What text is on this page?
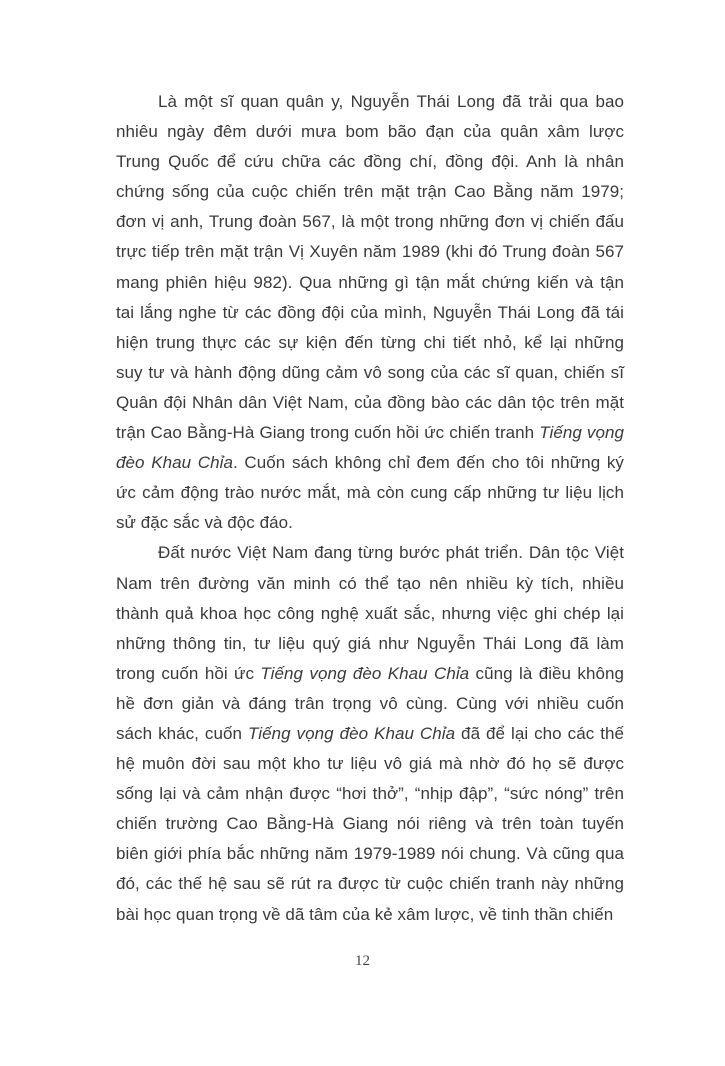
Là một sĩ quan quân y, Nguyễn Thái Long đã trải qua bao
nhiêu ngày đêm dưới mưa bom bão đạn của quân xâm lược
Trung Quốc để cứu chữa các đồng chí, đồng đội. Anh là nhân
chứng sống của cuộc chiến trên mặt trận Cao Bằng năm 1979;
đơn vị anh, Trung đoàn 567, là một trong những đơn vị chiến đấu
trực tiếp trên mặt trận Vị Xuyên năm 1989 (khi đó Trung đoàn 567
mang phiên hiệu 982). Qua những gì tận mắt chứng kiến và tận
tai lắng nghe từ các đồng đội của mình, Nguyễn Thái Long đã tái
hiện trung thực các sự kiện đến từng chi tiết nhỏ, kể lại những
suy tư và hành động dũng cảm vô song của các sĩ quan, chiến sĩ
Quân đội Nhân dân Việt Nam, của đồng bào các dân tộc trên mặt
trận Cao Bằng-Hà Giang trong cuốn hồi ức chiến tranh Tiếng vọng
đèo Khau Chỉa. Cuốn sách không chỉ đem đến cho tôi những ký
ức cảm động trào nước mắt, mà còn cung cấp những tư liệu lịch
sử đặc sắc và độc đáo.

Đất nước Việt Nam đang từng bước phát triển. Dân tộc Việt
Nam trên đường văn minh có thể tạo nên nhiều kỳ tích, nhiều
thành quả khoa học công nghệ xuất sắc, nhưng việc ghi chép lại
những thông tin, tư liệu quý giá như Nguyễn Thái Long đã làm
trong cuốn hồi ức Tiếng vọng đèo Khau Chỉa cũng là điều không
hề đơn giản và đáng trân trọng vô cùng. Cùng với nhiều cuốn
sách khác, cuốn Tiếng vọng đèo Khau Chỉa đã để lại cho các thế
hệ muôn đời sau một kho tư liệu vô giá mà nhờ đó họ sẽ được
sống lại và cảm nhận được “hơi thở”, “nhịp đập”, “sức nóng” trên
chiến trường Cao Bằng-Hà Giang nói riêng và trên toàn tuyến
biên giới phía bắc những năm 1979-1989 nói chung. Và cũng qua
đó, các thế hệ sau sẽ rút ra được từ cuộc chiến tranh này những
bài học quan trọng về dã tâm của kẻ xâm lược, về tinh thần chiến

12
